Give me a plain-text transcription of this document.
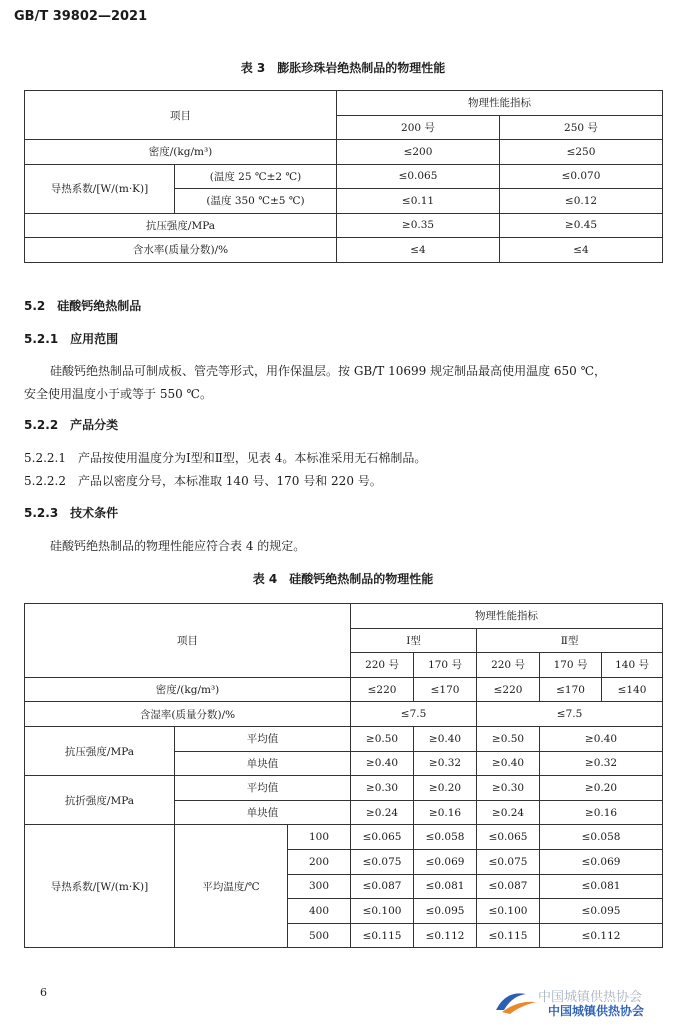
GB/T 39802—2021
表 3　膨胀珍珠岩绝热制品的物理性能
项目		物理性能指标	
		200 号	250 号
密度/(kg/m³)		≤200	≤250
导热系数/[W/(m·K)]	(温度 25 ℃±2 ℃)	≤0.065	≤0.070
	(温度 350 ℃±5 ℃)	≤0.11	≤0.12
抗压强度/MPa		≥0.35	≥0.45
含水率(质量分数)/%		≤4	≤4
5.2　硅酸钙绝热制品
5.2.1　应用范围
硅酸钙绝热制品可制成板、管壳等形式，用作保温层。按 GB/T 10699 规定制品最高使用温度 650 ℃，
安全使用温度小于或等于 550 ℃。
5.2.2　产品分类
5.2.2.1　产品按使用温度分为Ⅰ型和Ⅱ型，见表 4。本标准采用无石棉制品。
5.2.2.2　产品以密度分号，本标准取 140 号、170 号和 220 号。
5.2.3　技术条件
硅酸钙绝热制品的物理性能应符合表 4 的规定。
表 4　硅酸钙绝热制品的物理性能
项目			物理性能指标				
			Ⅰ型		Ⅱ型		
			220 号	170 号	220 号	170 号	140 号
密度/(kg/m³)			≤220	≤170	≤220	≤170	≤140
含湿率(质量分数)/%			≤7.5		≤7.5		
抗压强度/MPa	平均值		≥0.50	≥0.40	≥0.50	≥0.40	
	单块值		≥0.40	≥0.32	≥0.40	≥0.32	
抗折强度/MPa	平均值		≥0.30	≥0.20	≥0.30	≥0.20	
	单块值		≥0.24	≥0.16	≥0.24	≥0.16	
导热系数/[W/(m·K)]	平均温度/℃	100	≤0.065	≤0.058	≤0.065	≤0.058	
		200	≤0.075	≤0.069	≤0.075	≤0.069	
		300	≤0.087	≤0.081	≤0.087	≤0.081	
		400	≤0.100	≤0.095	≤0.100	≤0.095	
		500	≤0.115	≤0.112	≤0.115	≤0.112	
6	中国城镇供热协会
中国城镇供热协会
